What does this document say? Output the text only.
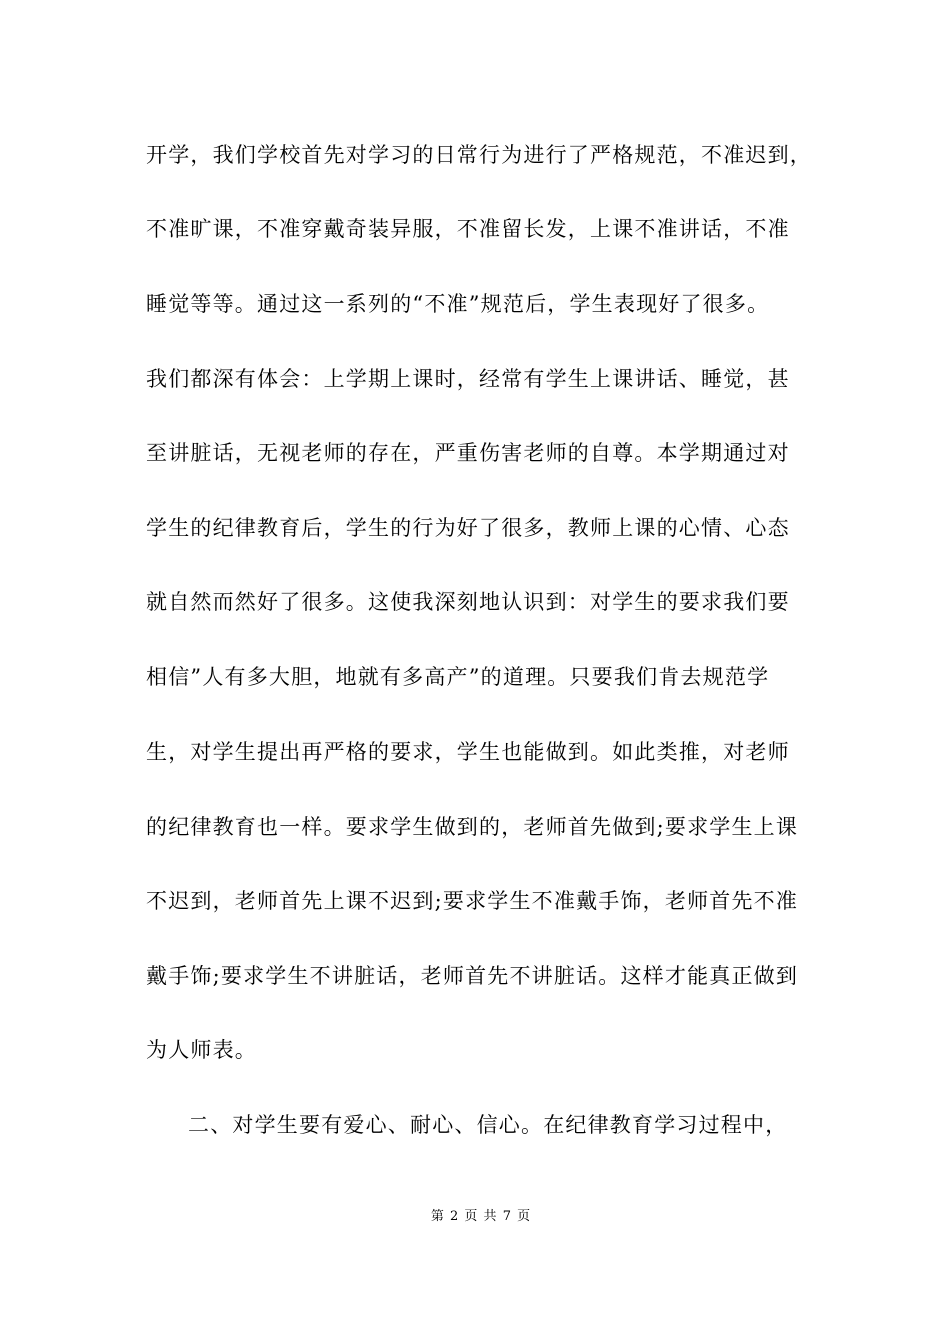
开学，我们学校首先对学习的日常行为进行了严格规范，不准迟到，
不准旷课，不准穿戴奇装异服，不准留长发，上课不准讲话，不准
睡觉等等。通过这一系列的“不准”规范后，学生表现好了很多。
我们都深有体会：上学期上课时，经常有学生上课讲话、睡觉，甚
至讲脏话，无视老师的存在，严重伤害老师的自尊。本学期通过对
学生的纪律教育后，学生的行为好了很多，教师上课的心情、心态
就自然而然好了很多。这使我深刻地认识到：对学生的要求我们要
相信”人有多大胆，地就有多高产”的道理。只要我们肯去规范学
生，对学生提出再严格的要求，学生也能做到。如此类推，对老师
的纪律教育也一样。要求学生做到的，老师首先做到;要求学生上课
不迟到，老师首先上课不迟到;要求学生不准戴手饰，老师首先不准
戴手饰;要求学生不讲脏话，老师首先不讲脏话。这样才能真正做到
为人师表。
二、对学生要有爱心、耐心、信心。在纪律教育学习过程中，
第 2 页 共 7 页
